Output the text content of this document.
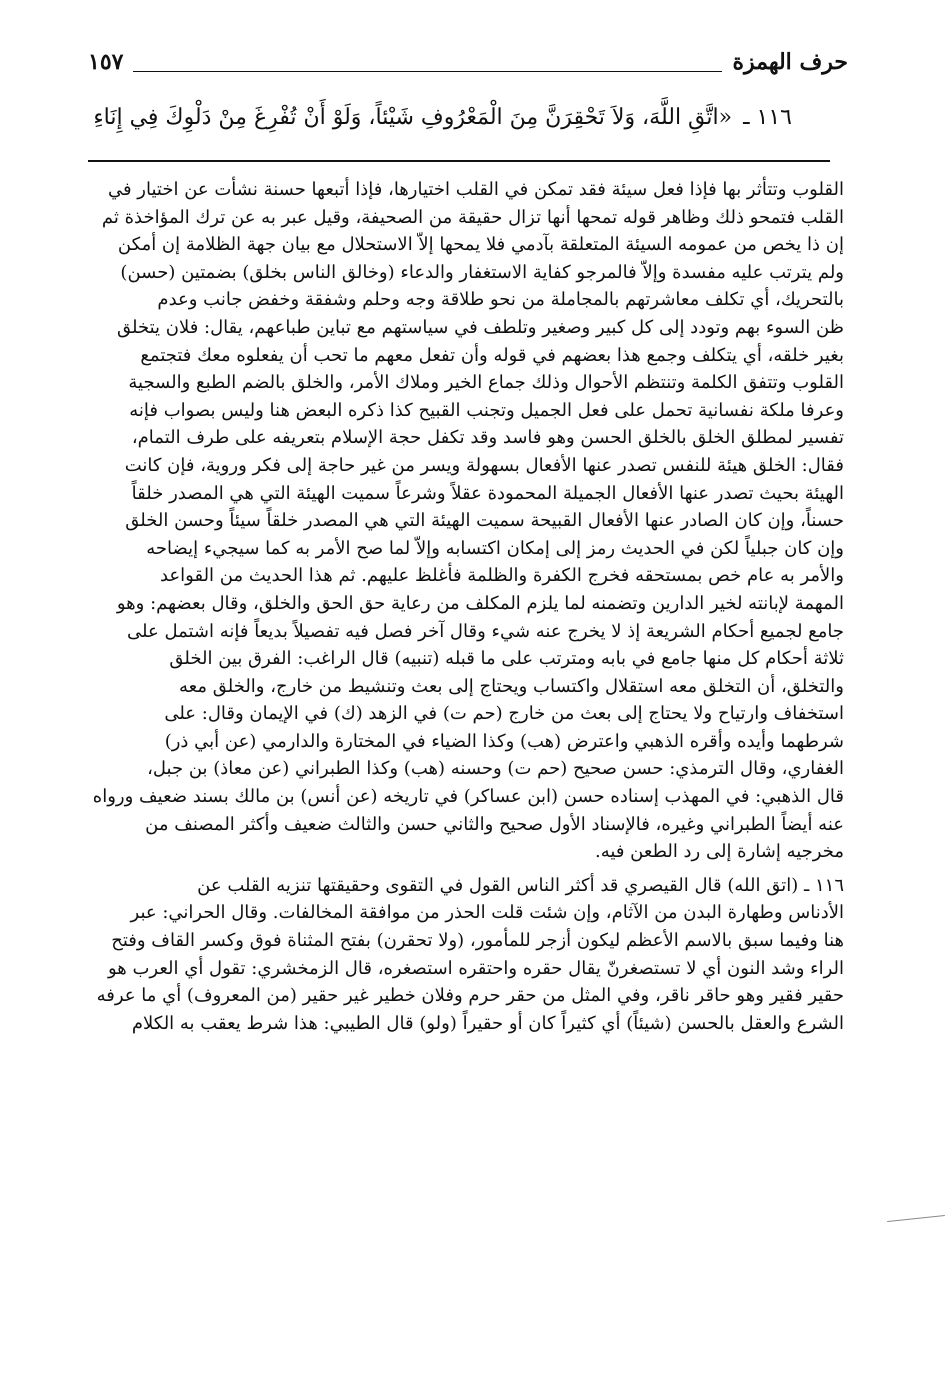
حرف الهمزة
١٥٧
١١٦ ـ «اتَّقِ اللَّهَ، وَلاَ تَحْقِرَنَّ مِنَ الْمَعْرُوفِ شَيْئاً، وَلَوْ أَنْ تُفْرِغَ مِنْ دَلْوِكَ فِي إِنَاءِ
القلوب وتتأثر بها فإذا فعل سيئة فقد تمكن في القلب اختيارها، فإذا أتبعها حسنة نشأت عن اختيار في
القلب فتمحو ذلك وظاهر قوله تمحها أنها تزال حقيقة من الصحيفة، وقيل عبر به عن ترك المؤاخذة ثم
إن ذا يخص من عمومه السيئة المتعلقة بآدمي فلا يمحها إلاّ الاستحلال مع بيان جهة الظلامة إن أمكن
ولم يترتب عليه مفسدة وإلاّ فالمرجو كفاية الاستغفار والدعاء (وخالق الناس بخلق) بضمتين (حسن)
بالتحريك، أي تكلف معاشرتهم بالمجاملة من نحو طلاقة وجه وحلم وشفقة وخفض جانب وعدم
ظن السوء بهم وتودد إلى كل كبير وصغير وتلطف في سياستهم مع تباين طباعهم، يقال: فلان يتخلق
بغير خلقه، أي يتكلف وجمع هذا بعضهم في قوله وأن تفعل معهم ما تحب أن يفعلوه معك فتجتمع
القلوب وتتفق الكلمة وتنتظم الأحوال وذلك جماع الخير وملاك الأمر، والخلق بالضم الطبع والسجية
وعرفا ملكة نفسانية تحمل على فعل الجميل وتجنب القبيح كذا ذكره البعض هنا وليس بصواب فإنه
تفسير لمطلق الخلق بالخلق الحسن وهو فاسد وقد تكفل حجة الإسلام بتعريفه على طرف التمام،
فقال: الخلق هيئة للنفس تصدر عنها الأفعال بسهولة ويسر من غير حاجة إلى فكر وروية، فإن كانت
الهيئة بحيث تصدر عنها الأفعال الجميلة المحمودة عقلاً وشرعاً سميت الهيئة التي هي المصدر خلقاً
حسناً، وإن كان الصادر عنها الأفعال القبيحة سميت الهيئة التي هي المصدر خلقاً سيئاً وحسن الخلق
وإن كان جبلياً لكن في الحديث رمز إلى إمكان اكتسابه وإلاّ لما صح الأمر به كما سيجيء إيضاحه
والأمر به عام خص بمستحقه فخرج الكفرة والظلمة فأغلظ عليهم. ثم هذا الحديث من القواعد
المهمة لإبانته لخير الدارين وتضمنه لما يلزم المكلف من رعاية حق الحق والخلق، وقال بعضهم: وهو
جامع لجميع أحكام الشريعة إذ لا يخرج عنه شيء وقال آخر فصل فيه تفصيلاً بديعاً فإنه اشتمل على
ثلاثة أحكام كل منها جامع في بابه ومترتب على ما قبله (تنبيه) قال الراغب: الفرق بين الخلق
والتخلق، أن التخلق معه استقلال واكتساب ويحتاج إلى بعث وتنشيط من خارج، والخلق معه
استخفاف وارتياح ولا يحتاج إلى بعث من خارج (حم ت) في الزهد (ك) في الإيمان وقال: على
شرطهما وأيده وأقره الذهبي واعترض (هب) وكذا الضياء في المختارة والدارمي (عن أبي ذر)
الغفاري، وقال الترمذي: حسن صحيح (حم ت) وحسنه (هب) وكذا الطبراني (عن معاذ) بن جبل،
قال الذهبي: في المهذب إسناده حسن (ابن عساكر) في تاريخه (عن أنس) بن مالك بسند ضعيف ورواه
عنه أيضاً الطبراني وغيره، فالإسناد الأول صحيح والثاني حسن والثالث ضعيف وأكثر المصنف من
مخرجيه إشارة إلى رد الطعن فيه.
١١٦ ـ (اتق الله) قال القيصري قد أكثر الناس القول في التقوى وحقيقتها تنزيه القلب عن
الأدناس وطهارة البدن من الآثام، وإن شئت قلت الحذر من موافقة المخالفات. وقال الحراني: عبر
هنا وفيما سبق بالاسم الأعظم ليكون أزجر للمأمور، (ولا تحقرن) بفتح المثناة فوق وكسر القاف وفتح
الراء وشد النون أي لا تستصغرنّ يقال حقره واحتقره استصغره، قال الزمخشري: تقول أي العرب هو
حقير فقير وهو حاقر ناقر، وفي المثل من حقر حرم وفلان خطير غير حقير (من المعروف) أي ما عرفه
الشرع والعقل بالحسن (شيئاً) أي كثيراً كان أو حقيراً (ولو) قال الطيبي: هذا شرط يعقب به الكلام
